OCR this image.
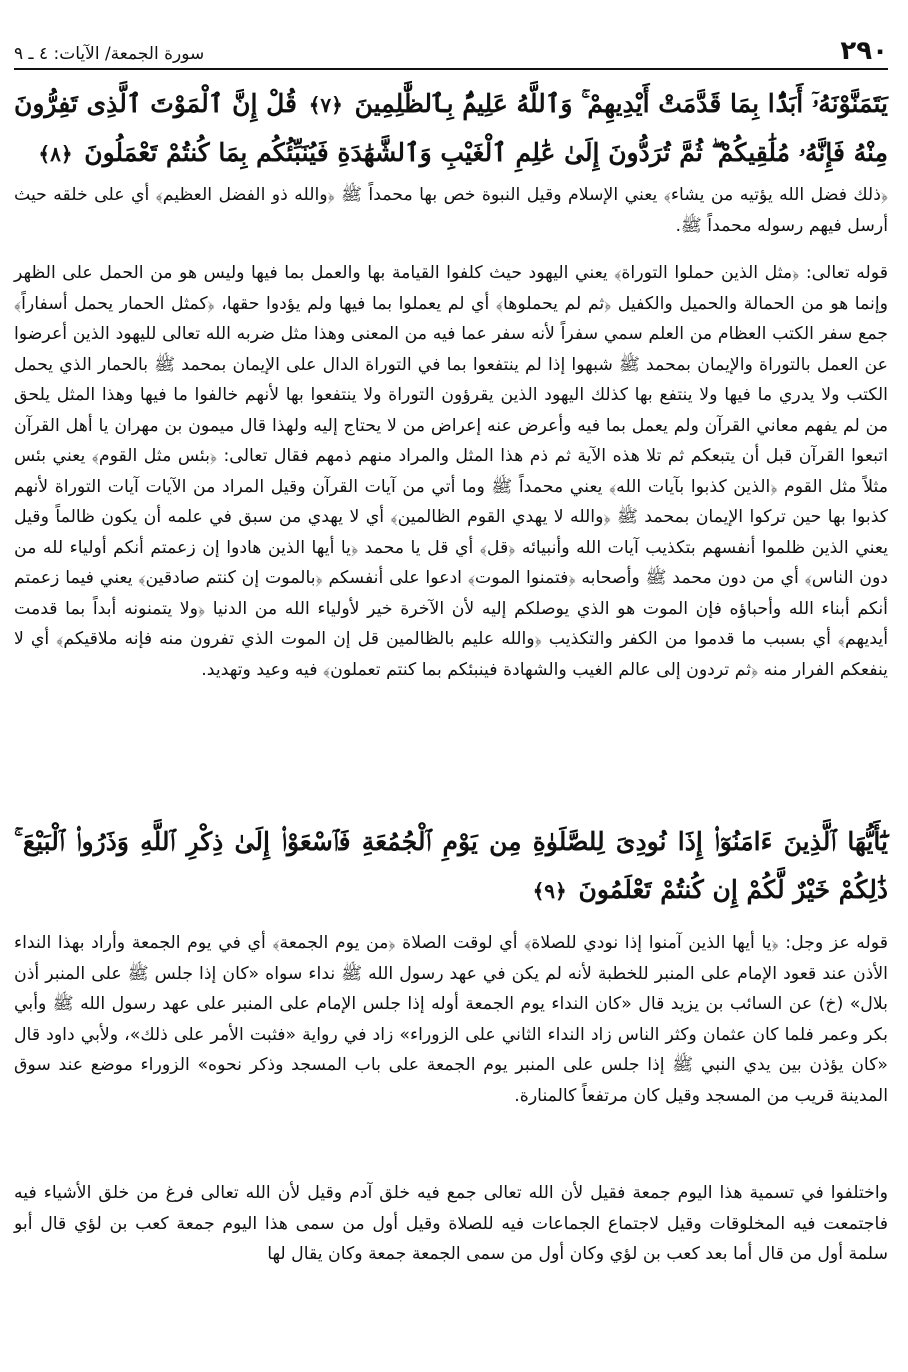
٢٩٠
سورة الجمعة/ الآيات: ٤ ـ ٩
يَتَمَنَّوْنَهُۥٓ أَبَدًۢا بِمَا قَدَّمَتْ أَيْدِيهِمْ ۚ وَٱللَّهُ عَلِيمٌۢ بِٱلظَّٰلِمِينَ ﴿٧﴾ قُلْ إِنَّ ٱلْمَوْتَ ٱلَّذِى تَفِرُّونَ مِنْهُ فَإِنَّهُۥ مُلَٰقِيكُمْ ۖ ثُمَّ تُرَدُّونَ إِلَىٰ عَٰلِمِ ٱلْغَيْبِ وَٱلشَّهَٰدَةِ فَيُنَبِّئُكُم بِمَا كُنتُمْ تَعْمَلُونَ ﴿٨﴾

﴿ذلك فضل الله يؤتيه من يشاء﴾ يعني الإسلام وقيل النبوة خص بها محمداً ﷺ ﴿والله ذو الفضل العظيم﴾ أي على خلقه حيث أرسل فيهم رسوله محمداً ﷺ.

قوله تعالى: ﴿مثل الذين حملوا التوراة﴾ يعني اليهود حيث كلفوا القيامة بها والعمل بما فيها وليس هو من الحمل على الظهر وإنما هو من الحمالة والحميل والكفيل ﴿ثم لم يحملوها﴾ أي لم يعملوا بما فيها ولم يؤدوا حقها، ﴿كمثل الحمار يحمل أسفاراً﴾ جمع سفر الكتب العظام من العلم سمي سفراً لأنه سفر عما فيه من المعنى وهذا مثل ضربه الله تعالى لليهود الذين أعرضوا عن العمل بالتوراة والإيمان بمحمد ﷺ شبهوا إذا لم ينتفعوا بما في التوراة الدال على الإيمان بمحمد ﷺ بالحمار الذي يحمل الكتب ولا يدري ما فيها ولا ينتفع بها كذلك اليهود الذين يقرؤون التوراة ولا ينتفعوا بها لأنهم خالفوا ما فيها وهذا المثل يلحق من لم يفهم معاني القرآن ولم يعمل بما فيه وأعرض عنه إعراض من لا يحتاج إليه ولهذا قال ميمون بن مهران يا أهل القرآن اتبعوا القرآن قبل أن يتبعكم ثم تلا هذه الآية ثم ذم هذا المثل والمراد منهم ذمهم فقال تعالى: ﴿بئس مثل القوم﴾ يعني بئس مثلاً مثل القوم ﴿الذين كذبوا بآيات الله﴾ يعني محمداً ﷺ وما أتي من آيات القرآن وقيل المراد من الآيات آيات التوراة لأنهم كذبوا بها حين تركوا الإيمان بمحمد ﷺ ﴿والله لا يهدي القوم الظالمين﴾ أي لا يهدي من سبق في علمه أن يكون ظالماً وقيل يعني الذين ظلموا أنفسهم بتكذيب آيات الله وأنبيائه ﴿قل﴾ أي قل يا محمد ﴿يا أيها الذين هادوا إن زعمتم أنكم أولياء لله من دون الناس﴾ أي من دون محمد ﷺ وأصحابه ﴿فتمنوا الموت﴾ ادعوا على أنفسكم ﴿بالموت إن كنتم صادقين﴾ يعني فيما زعمتم أنكم أبناء الله وأحباؤه فإن الموت هو الذي يوصلكم إليه لأن الآخرة خير لأولياء الله من الدنيا ﴿ولا يتمنونه أبداً بما قدمت أيديهم﴾ أي بسبب ما قدموا من الكفر والتكذيب ﴿والله عليم بالظالمين قل إن الموت الذي تفرون منه فإنه ملاقيكم﴾ أي لا ينفعكم الفرار منه ﴿ثم تردون إلى عالم الغيب والشهادة فينبئكم بما كنتم تعملون﴾ فيه وعيد وتهديد.

يَٰٓأَيُّهَا ٱلَّذِينَ ءَامَنُوٓا۟ إِذَا نُودِىَ لِلصَّلَوٰةِ مِن يَوْمِ ٱلْجُمُعَةِ فَٱسْعَوْا۟ إِلَىٰ ذِكْرِ ٱللَّهِ وَذَرُوا۟ ٱلْبَيْعَ ۚ ذَٰلِكُمْ خَيْرٌ لَّكُمْ إِن كُنتُمْ تَعْلَمُونَ ﴿٩﴾

قوله عز وجل: ﴿يا أيها الذين آمنوا إذا نودي للصلاة﴾ أي لوقت الصلاة ﴿من يوم الجمعة﴾ أي في يوم الجمعة وأراد بهذا النداء الأذن عند قعود الإمام على المنبر للخطبة لأنه لم يكن في عهد رسول الله ﷺ نداء سواه «كان إذا جلس ﷺ على المنبر أذن بلال» (خ) عن السائب بن يزيد قال «كان النداء يوم الجمعة أوله إذا جلس الإمام على المنبر على عهد رسول الله ﷺ وأبي بكر وعمر فلما كان عثمان وكثر الناس زاد النداء الثاني على الزوراء» زاد في رواية «فثبت الأمر على ذلك»، ولأبي داود قال «كان يؤذن بين يدي النبي ﷺ إذا جلس على المنبر يوم الجمعة على باب المسجد وذكر نحوه» الزوراء موضع عند سوق المدينة قريب من المسجد وقيل كان مرتفعاً كالمنارة.

واختلفوا في تسمية هذا اليوم جمعة فقيل لأن الله تعالى جمع فيه خلق آدم وقيل لأن الله تعالى فرغ من خلق الأشياء فيه فاجتمعت فيه المخلوقات وقيل لاجتماع الجماعات فيه للصلاة وقيل أول من سمى هذا اليوم جمعة كعب بن لؤي قال أبو سلمة أول من قال أما بعد كعب بن لؤي وكان أول من سمى الجمعة جمعة وكان يقال لها
